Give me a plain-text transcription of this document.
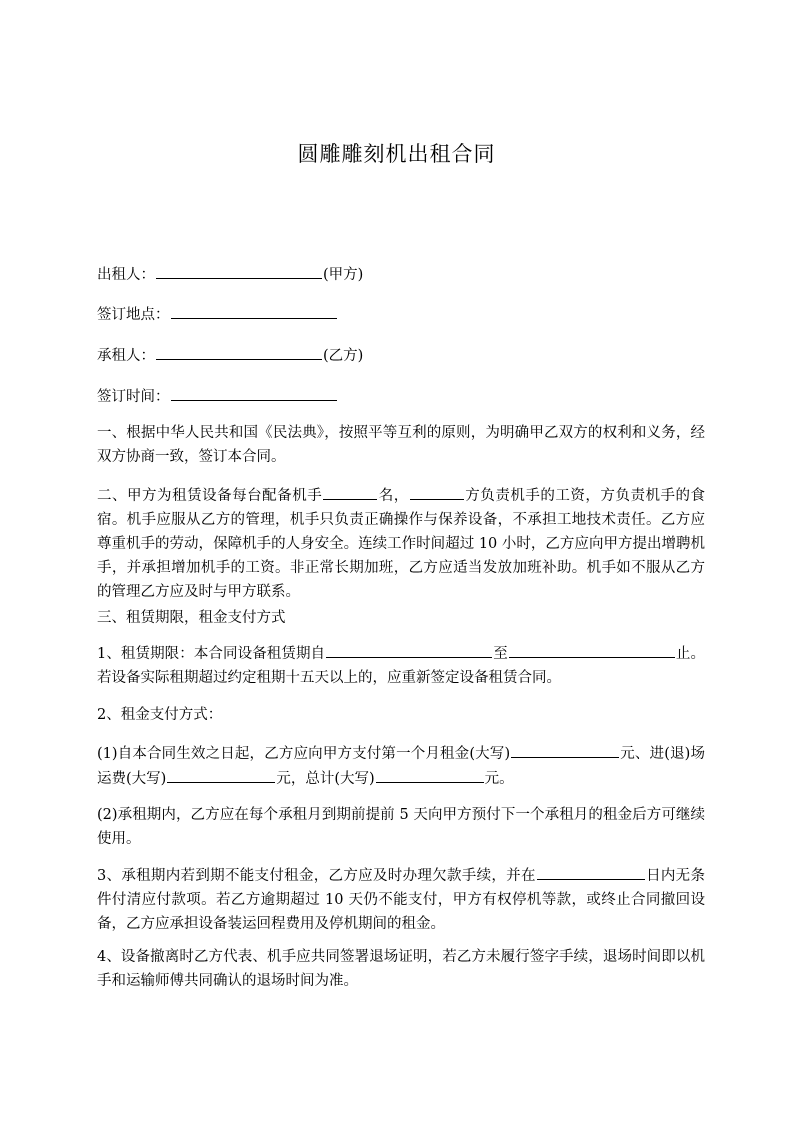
圆雕雕刻机出租合同
出租人：	(甲方)
签订地点：
承租人：	(乙方)
签订时间：
一、根据中华人民共和国《民法典》，按照平等互利的原则，为明确甲乙双方的权利和义务，经双方协商一致，签订本合同。
二、甲方为租赁设备每台配备机手	名，	方负责机手的工资，方负责机手的食宿。机手应服从乙方的管理，机手只负责正确操作与保养设备，不承担工地技术责任。乙方应尊重机手的劳动，保障机手的人身安全。连续工作时间超过 10 小时，乙方应向甲方提出增聘机手，并承担增加机手的工资。非正常长期加班，乙方应适当发放加班补助。机手如不服从乙方的管理乙方应及时与甲方联系。
三、租赁期限，租金支付方式
1、租赁期限：本合同设备租赁期自	至	止。若设备实际租期超过约定租期十五天以上的，应重新签定设备租赁合同。
2、租金支付方式：
(1)自本合同生效之日起，乙方应向甲方支付第一个月租金(大写)	元、进(退)场运费(大写)	元，总计(大写)	元。
(2)承租期内，乙方应在每个承租月到期前提前 5 天向甲方预付下一个承租月的租金后方可继续使用。
3、承租期内若到期不能支付租金，乙方应及时办理欠款手续，并在	日内无条件付清应付款项。若乙方逾期超过 10 天仍不能支付，甲方有权停机等款，或终止合同撤回设备，乙方应承担设备装运回程费用及停机期间的租金。
4、设备撤离时乙方代表、机手应共同签署退场证明，若乙方未履行签字手续，退场时间即以机手和运输师傅共同确认的退场时间为准。
